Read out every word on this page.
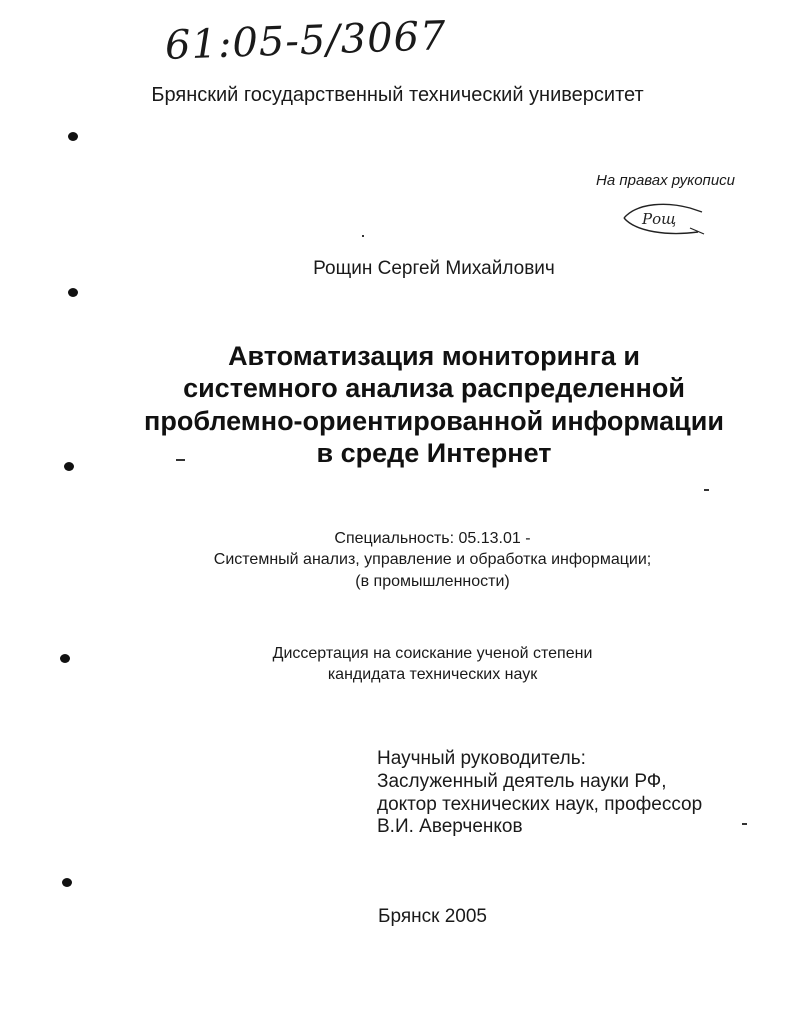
61:05-5/3067
Брянский государственный технический университет
На правах рукописи
Рощ
Рощин Сергей Михайлович
Автоматизация мониторинга и
системного анализа распределенной
проблемно-ориентированной информации
в среде Интернет
Специальность: 05.13.01 -
Системный анализ, управление и обработка информации;
(в промышленности)
Диссертация на соискание ученой степени
кандидата технических наук
Научный руководитель:
Заслуженный деятель науки РФ,
доктор технических наук, профессор
В.И. Аверченков
Брянск 2005
